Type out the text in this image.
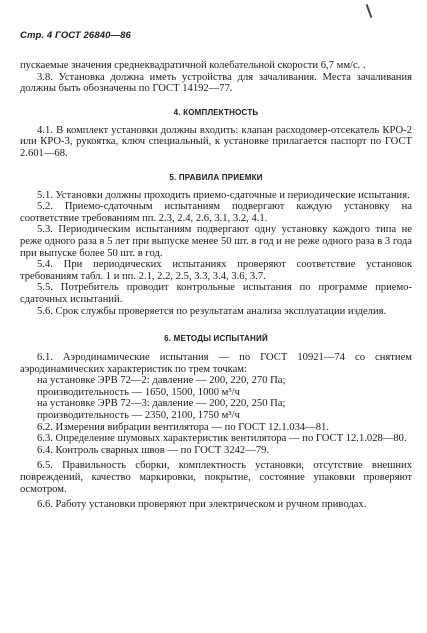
Стр. 4 ГОСТ 26840—86

пускаемые значения среднеквадратичной колебательной скорости 6,7 мм/с. .

3.8. Установка должна иметь устройства для зачаливания. Места зачаливания должны быть обозначены по ГОСТ 14192—77.

4. КОМПЛЕКТНОСТЬ

4.1. В комплект установки должны входить: клапан расходомер-отсекатель КРО-2 или КРО-3, рукоятка, ключ специальный, к установке прилагается паспорт по ГОСТ 2.601—68.

5. ПРАВИЛА ПРИЕМКИ

5.1. Установки должны проходить приемо-сдаточные и периодические испытания.

5.2. Приемо-сдаточным испытаниям подвергают каждую установку на соответствие требованиям пп. 2.3, 2.4, 2.6, 3.1, 3.2, 4.1.

5.3. Периодическим испытаниям подвергают одну установку каждого типа не реже одного раза в 5 лет при выпуске менее 50 шт. в год и не реже одного раза в 3 года при выпуске более 50 шт. в год.

5.4. При периодических испытаниях проверяют соответствие установок требованиям табл. 1 и пп. 2.1, 2.2, 2.5, 3.3, 3.4, 3.6, 3.7.

5.5. Потребитель проводит контрольные испытания по программе приемо-сдаточных испытаний.

5.6. Срок службы проверяется по результатам анализа эксплуатации изделия.

6. МЕТОДЫ ИСПЫТАНИЙ

6.1. Аэродинамические испытания — по ГОСТ 10921—74 со снятием аэродинамических характеристик по трем точкам:

на установке ЭРВ 72—2: давление — 200, 220, 270 Па;

производительность — 1650, 1500, 1000 м³/ч

на установке ЭРВ 72—3: давление — 200, 220, 250 Па;

производительность — 2350, 2100, 1750 м³/ч

6.2. Измерения вибрации вентилятора — по ГОСТ 12.1.034—81.

6.3. Определение шумовых характеристик вентилятора — по ГОСТ 12.1.028—80.

6.4. Контроль сварных швов — по ГОСТ 3242—79.

6.5. Правильность сборки, комплектность установки, отсутствие внешних повреждений, качество маркировки, покрытие, состояние упаковки проверяют осмотром.

6.6. Работу установки проверяют при электрическом и ручном приводах.
